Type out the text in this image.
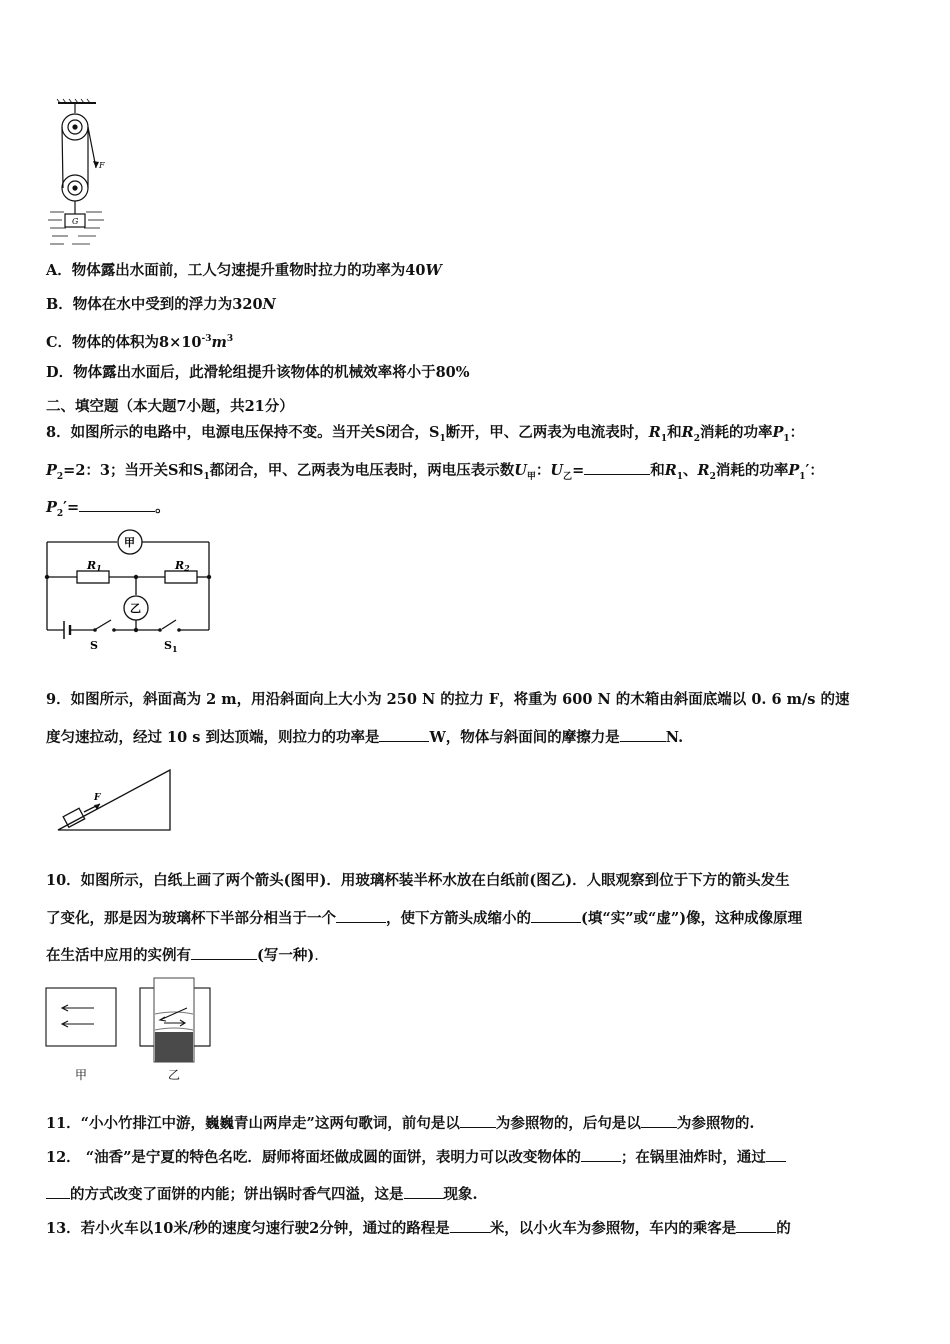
F
G
A．物体露出水面前，工人匀速提升重物时拉力的功率为40W
B．物体在水中受到的浮力为320N
C．物体的体积为$8\times 10^{-3}m^3$
D．物体露出水面后，此滑轮组提升该物体的机械效率将小于80%
二、填空题（本大题7小题，共21分）
8．如图所示的电路中，电源电压保持不变。当开关S闭合，$S_1$断开，甲、乙两表为电流表时，$R_1$和$R_2$消耗的功率$P_1$：
$P_2=2$：3；当开关S和$S_1$都闭合，甲、乙两表为电压表时，两电压表示数$U_甲$：$U_乙=$	和$R_1$、$R_2$消耗的功率$P_1'$：
$P_2'=$	。
甲
乙
R1	R2
S	$S_1$
9．如图所示，斜面高为 2 m，用沿斜面向上大小为 250 N 的拉力 F，将重为 600 N 的木箱由斜面底端以 0. 6 m/s 的速
度匀速拉动，经过 10 s 到达顶端，则拉力的功率是	W，物体与斜面间的摩擦力是	N.
F
10．如图所示，白纸上画了两个箭头(图甲)．用玻璃杯装半杯水放在白纸前(图乙)．人眼观察到位于下方的箭头发生
了变化，那是因为玻璃杯下半部分相当于一个	，使下方箭头成缩小的	(填“实”或“虚”)像，这种成像原理
在生活中应用的实例有	(写一种).
甲	乙
11．“小小竹排江中游，巍巍青山两岸走”这两句歌词，前句是以 为参照物的，后句是以 为参照物的.
12． “油香”是宁夏的特色名吃．厨师将面坯做成圆的面饼，表明力可以改变物体的	；在锅里油炸时，通过
的方式改变了面饼的内能；饼出锅时香气四溢，这是	现象.
13．若小火车以10米/秒的速度匀速行驶2分钟，通过的路程是	米，以小火车为参照物，车内的乘客是	的
